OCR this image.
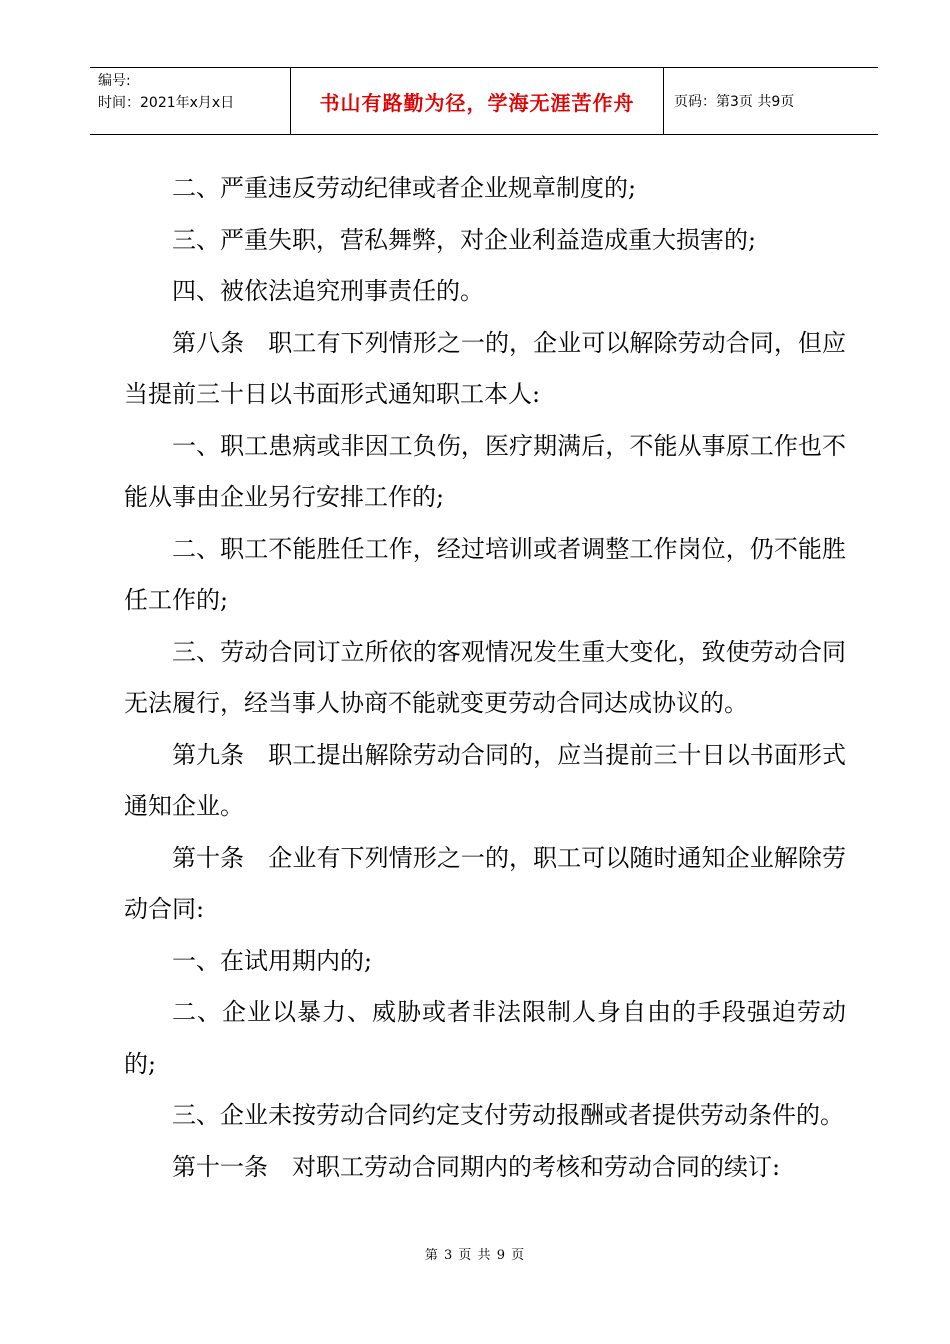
编号:
时间：2021年x月x日	书山有路勤为径，学海无涯苦作舟	页码：第3页 共9页

二、严重违反劳动纪律或者企业规章制度的;

三、严重失职，营私舞弊，对企业利益造成重大损害的;

四、被依法追究刑事责任的。

第八条　职工有下列情形之一的，企业可以解除劳动合同，但应当提前三十日以书面形式通知职工本人:

一、职工患病或非因工负伤，医疗期满后，不能从事原工作也不能从事由企业另行安排工作的;

二、职工不能胜任工作，经过培训或者调整工作岗位，仍不能胜任工作的;

三、劳动合同订立所依的客观情况发生重大变化，致使劳动合同无法履行，经当事人协商不能就变更劳动合同达成协议的。

第九条　职工提出解除劳动合同的，应当提前三十日以书面形式通知企业。

第十条　企业有下列情形之一的，职工可以随时通知企业解除劳动合同:

一、在试用期内的;

二、企业以暴力、威胁或者非法限制人身自由的手段强迫劳动的;

三、企业未按劳动合同约定支付劳动报酬或者提供劳动条件的。

第十一条　对职工劳动合同期内的考核和劳动合同的续订:

第 3 页 共 9 页
